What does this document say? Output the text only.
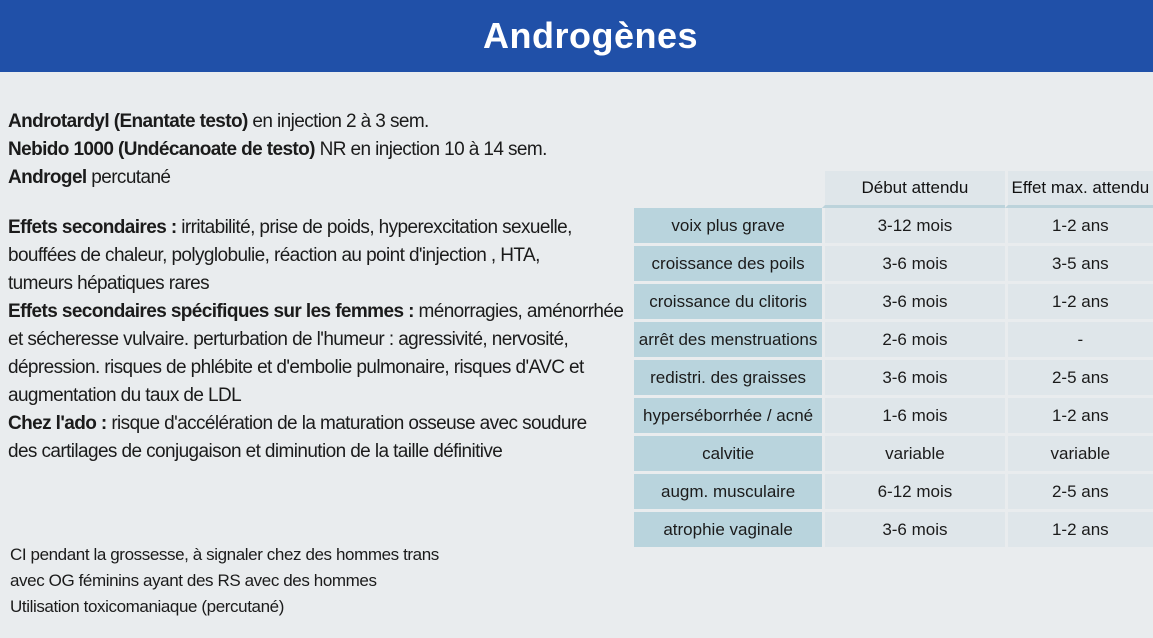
Androgènes
Androtardyl (Enantate testo) en injection 2 à 3 sem.
Nebido 1000 (Undécanoate de testo) NR en injection 10 à 14 sem.
Androgel percutané
Effets secondaires : irritabilité, prise de poids, hyperexcitation sexuelle,
bouffées de chaleur, polyglobulie, réaction au point d'injection , HTA,
tumeurs hépatiques rares
Effets secondaires spécifiques sur les femmes : ménorragies, aménorrhée
et sécheresse vulvaire. perturbation de l'humeur : agressivité, nervosité,
dépression. risques de phlébite et d'embolie pulmonaire, risques d'AVC et
augmentation du taux de LDL
Chez l'ado : risque d'accélération de la maturation osseuse avec soudure
des cartilages de conjugaison et diminution de la taille définitive
CI pendant la grossesse, à signaler chez des hommes trans
avec OG féminins ayant des RS avec des hommes
Utilisation toxicomaniaque (percutané)
	Début attendu	Effet max. attendu
voix plus grave	3-12 mois	1-2 ans
croissance des poils	3-6 mois	3-5 ans
croissance du clitoris	3-6 mois	1-2 ans
arrêt des menstruations	2-6 mois	-
redistri. des graisses	3-6 mois	2-5 ans
hyperséborrhée / acné	1-6 mois	1-2 ans
calvitie	variable	variable
augm. musculaire	6-12 mois	2-5 ans
atrophie vaginale	3-6 mois	1-2 ans
